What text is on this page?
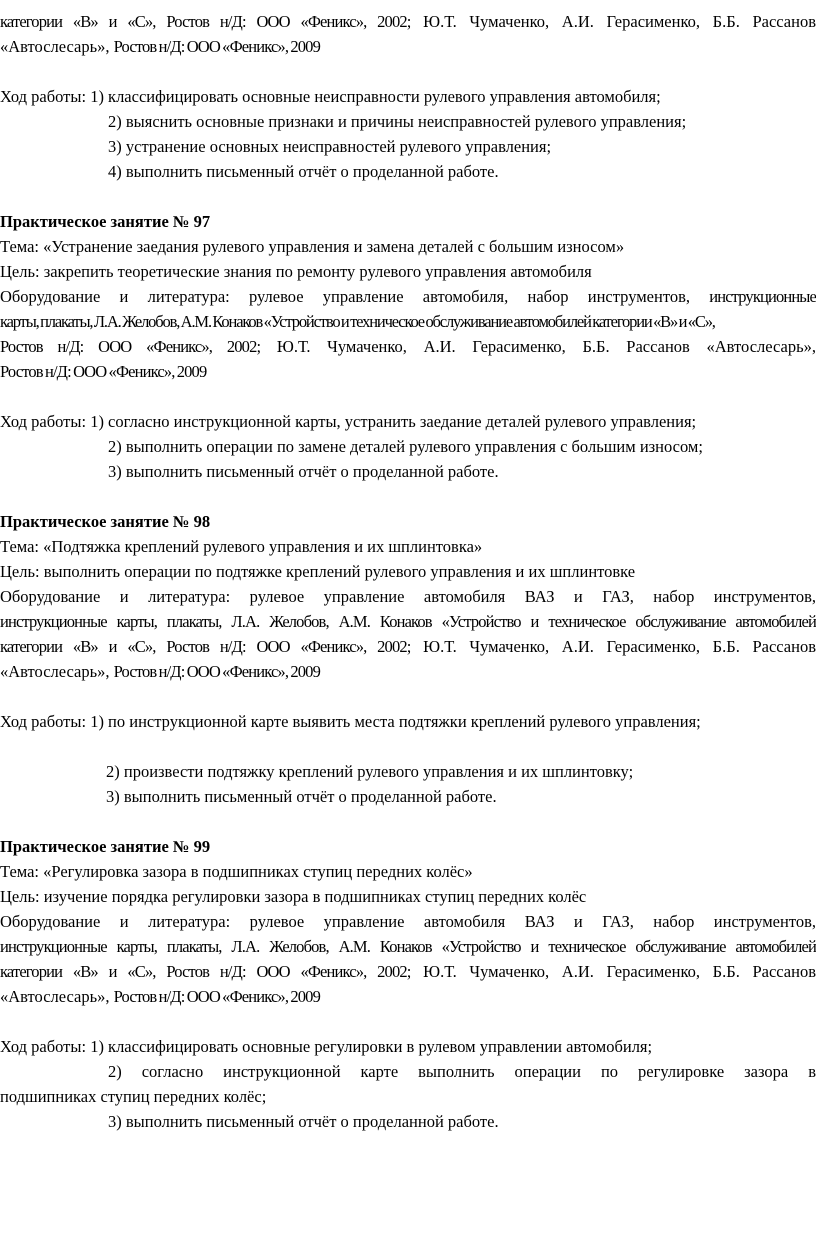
категории «В» и «С», Ростов н/Д: ООО «Феникс», 2002; Ю.Т. Чумаченко, А.И. Герасименко, Б.Б. Рассанов
«Автослесарь», Ростов н/Д: ООО «Феникс», 2009
Ход работы: 1) классифицировать основные неисправности рулевого управления автомобиля;
2) выяснить основные признаки и причины неисправностей рулевого управления;
3) устранение основных неисправностей рулевого управления;
4) выполнить письменный отчёт о проделанной работе.
Практическое занятие № 97
Тема: «Устранение заедания рулевого управления и замена деталей с большим износом»
Цель: закрепить теоретические знания по ремонту рулевого управления автомобиля
Оборудование и литература: рулевое управление автомобиля, набор инструментов, инструкционные
карты, плакаты, Л.А. Желобов, А.М. Конаков «Устройство и техническое обслуживание автомобилей категории «В» и «С»,
Ростов н/Д: ООО «Феникс», 2002; Ю.Т. Чумаченко, А.И. Герасименко, Б.Б. Рассанов «Автослесарь»,
Ростов н/Д: ООО «Феникс», 2009
Ход работы: 1) согласно инструкционной карты, устранить заедание деталей рулевого управления;
2) выполнить операции по замене деталей рулевого управления с большим износом;
3) выполнить письменный отчёт о проделанной работе.
Практическое занятие № 98
Тема: «Подтяжка креплений рулевого управления и их шплинтовка»
Цель: выполнить операции по подтяжке креплений рулевого управления и их шплинтовке
Оборудование и литература: рулевое управление автомобиля ВАЗ и ГАЗ, набор инструментов,
инструкционные карты, плакаты, Л.А. Желобов, А.М. Конаков «Устройство и техническое обслуживание автомобилей
категории «В» и «С», Ростов н/Д: ООО «Феникс», 2002; Ю.Т. Чумаченко, А.И. Герасименко, Б.Б. Рассанов
«Автослесарь», Ростов н/Д: ООО «Феникс», 2009
Ход работы: 1) по инструкционной карте выявить места подтяжки креплений рулевого управления;
2) произвести подтяжку креплений рулевого управления и их шплинтовку;
3) выполнить письменный отчёт о проделанной работе.
Практическое занятие № 99
Тема: «Регулировка зазора в подшипниках ступиц передних колёс»
Цель: изучение порядка регулировки зазора в подшипниках ступиц передних колёс
Оборудование и литература: рулевое управление автомобиля ВАЗ и ГАЗ, набор инструментов,
инструкционные карты, плакаты, Л.А. Желобов, А.М. Конаков «Устройство и техническое обслуживание автомобилей
категории «В» и «С», Ростов н/Д: ООО «Феникс», 2002; Ю.Т. Чумаченко, А.И. Герасименко, Б.Б. Рассанов
«Автослесарь», Ростов н/Д: ООО «Феникс», 2009
Ход работы: 1) классифицировать основные регулировки в рулевом управлении автомобиля;
2) согласно инструкционной карте выполнить операции по регулировке зазора в
подшипниках ступиц передних колёс;
3) выполнить письменный отчёт о проделанной работе.
